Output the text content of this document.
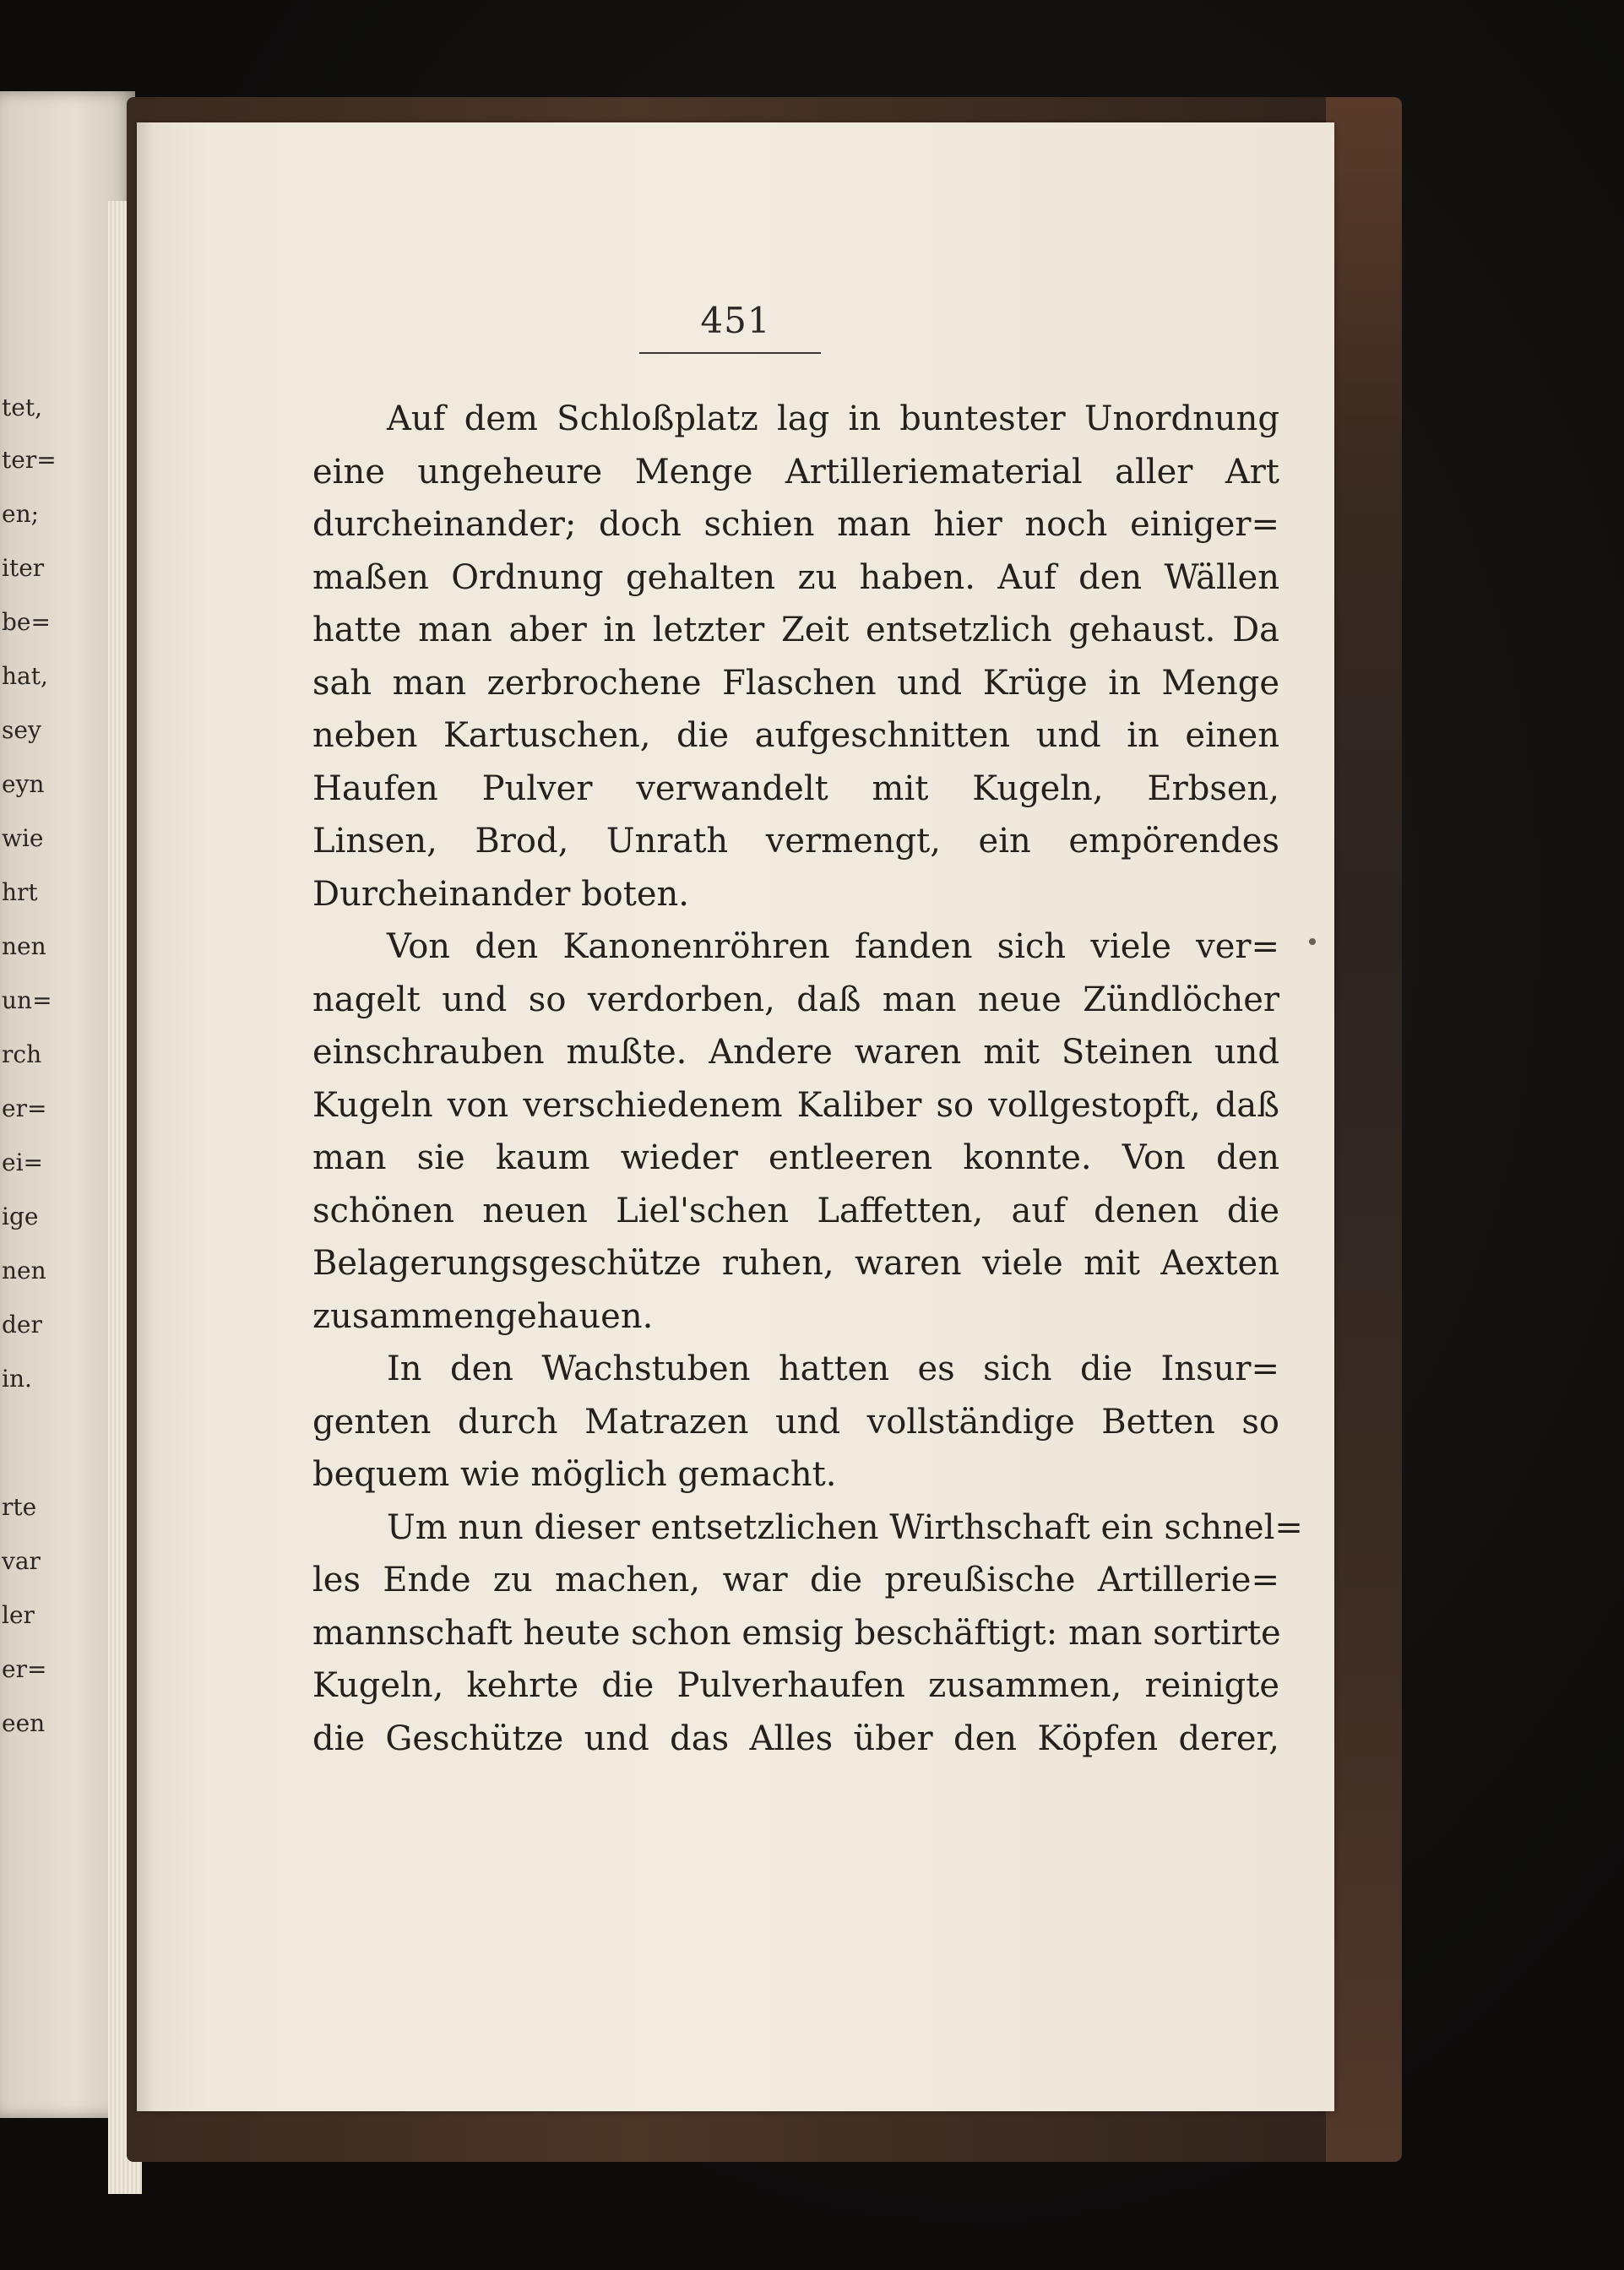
tet,
ter=
en;
iter
be=
hat,
sey
eyn
wie
hrt
nen
un=
rch
er=
ei=
ige
nen
der
in.
rte
var
ler
er=
een
451
Auf dem Schloßplatz lag in buntester Unordnung
eine ungeheure Menge Artilleriematerial aller Art
durcheinander; doch schien man hier noch einiger=
maßen Ordnung gehalten zu haben. Auf den Wällen
hatte man aber in letzter Zeit entsetzlich gehaust. Da
sah man zerbrochene Flaschen und Krüge in Menge
neben Kartuschen, die aufgeschnitten und in einen
Haufen Pulver verwandelt mit Kugeln, Erbsen,
Linsen, Brod, Unrath vermengt, ein empörendes
Durcheinander boten.
Von den Kanonenröhren fanden sich viele ver=
nagelt und so verdorben, daß man neue Zündlöcher
einschrauben mußte. Andere waren mit Steinen und
Kugeln von verschiedenem Kaliber so vollgestopft, daß
man sie kaum wieder entleeren konnte. Von den
schönen neuen Liel'schen Laffetten, auf denen die
Belagerungsgeschütze ruhen, waren viele mit Aexten
zusammengehauen.
In den Wachstuben hatten es sich die Insur=
genten durch Matrazen und vollständige Betten so
bequem wie möglich gemacht.
Um nun dieser entsetzlichen Wirthschaft ein schnel=
les Ende zu machen, war die preußische Artillerie=
mannschaft heute schon emsig beschäftigt: man sortirte
Kugeln, kehrte die Pulverhaufen zusammen, reinigte
die Geschütze und das Alles über den Köpfen derer,
